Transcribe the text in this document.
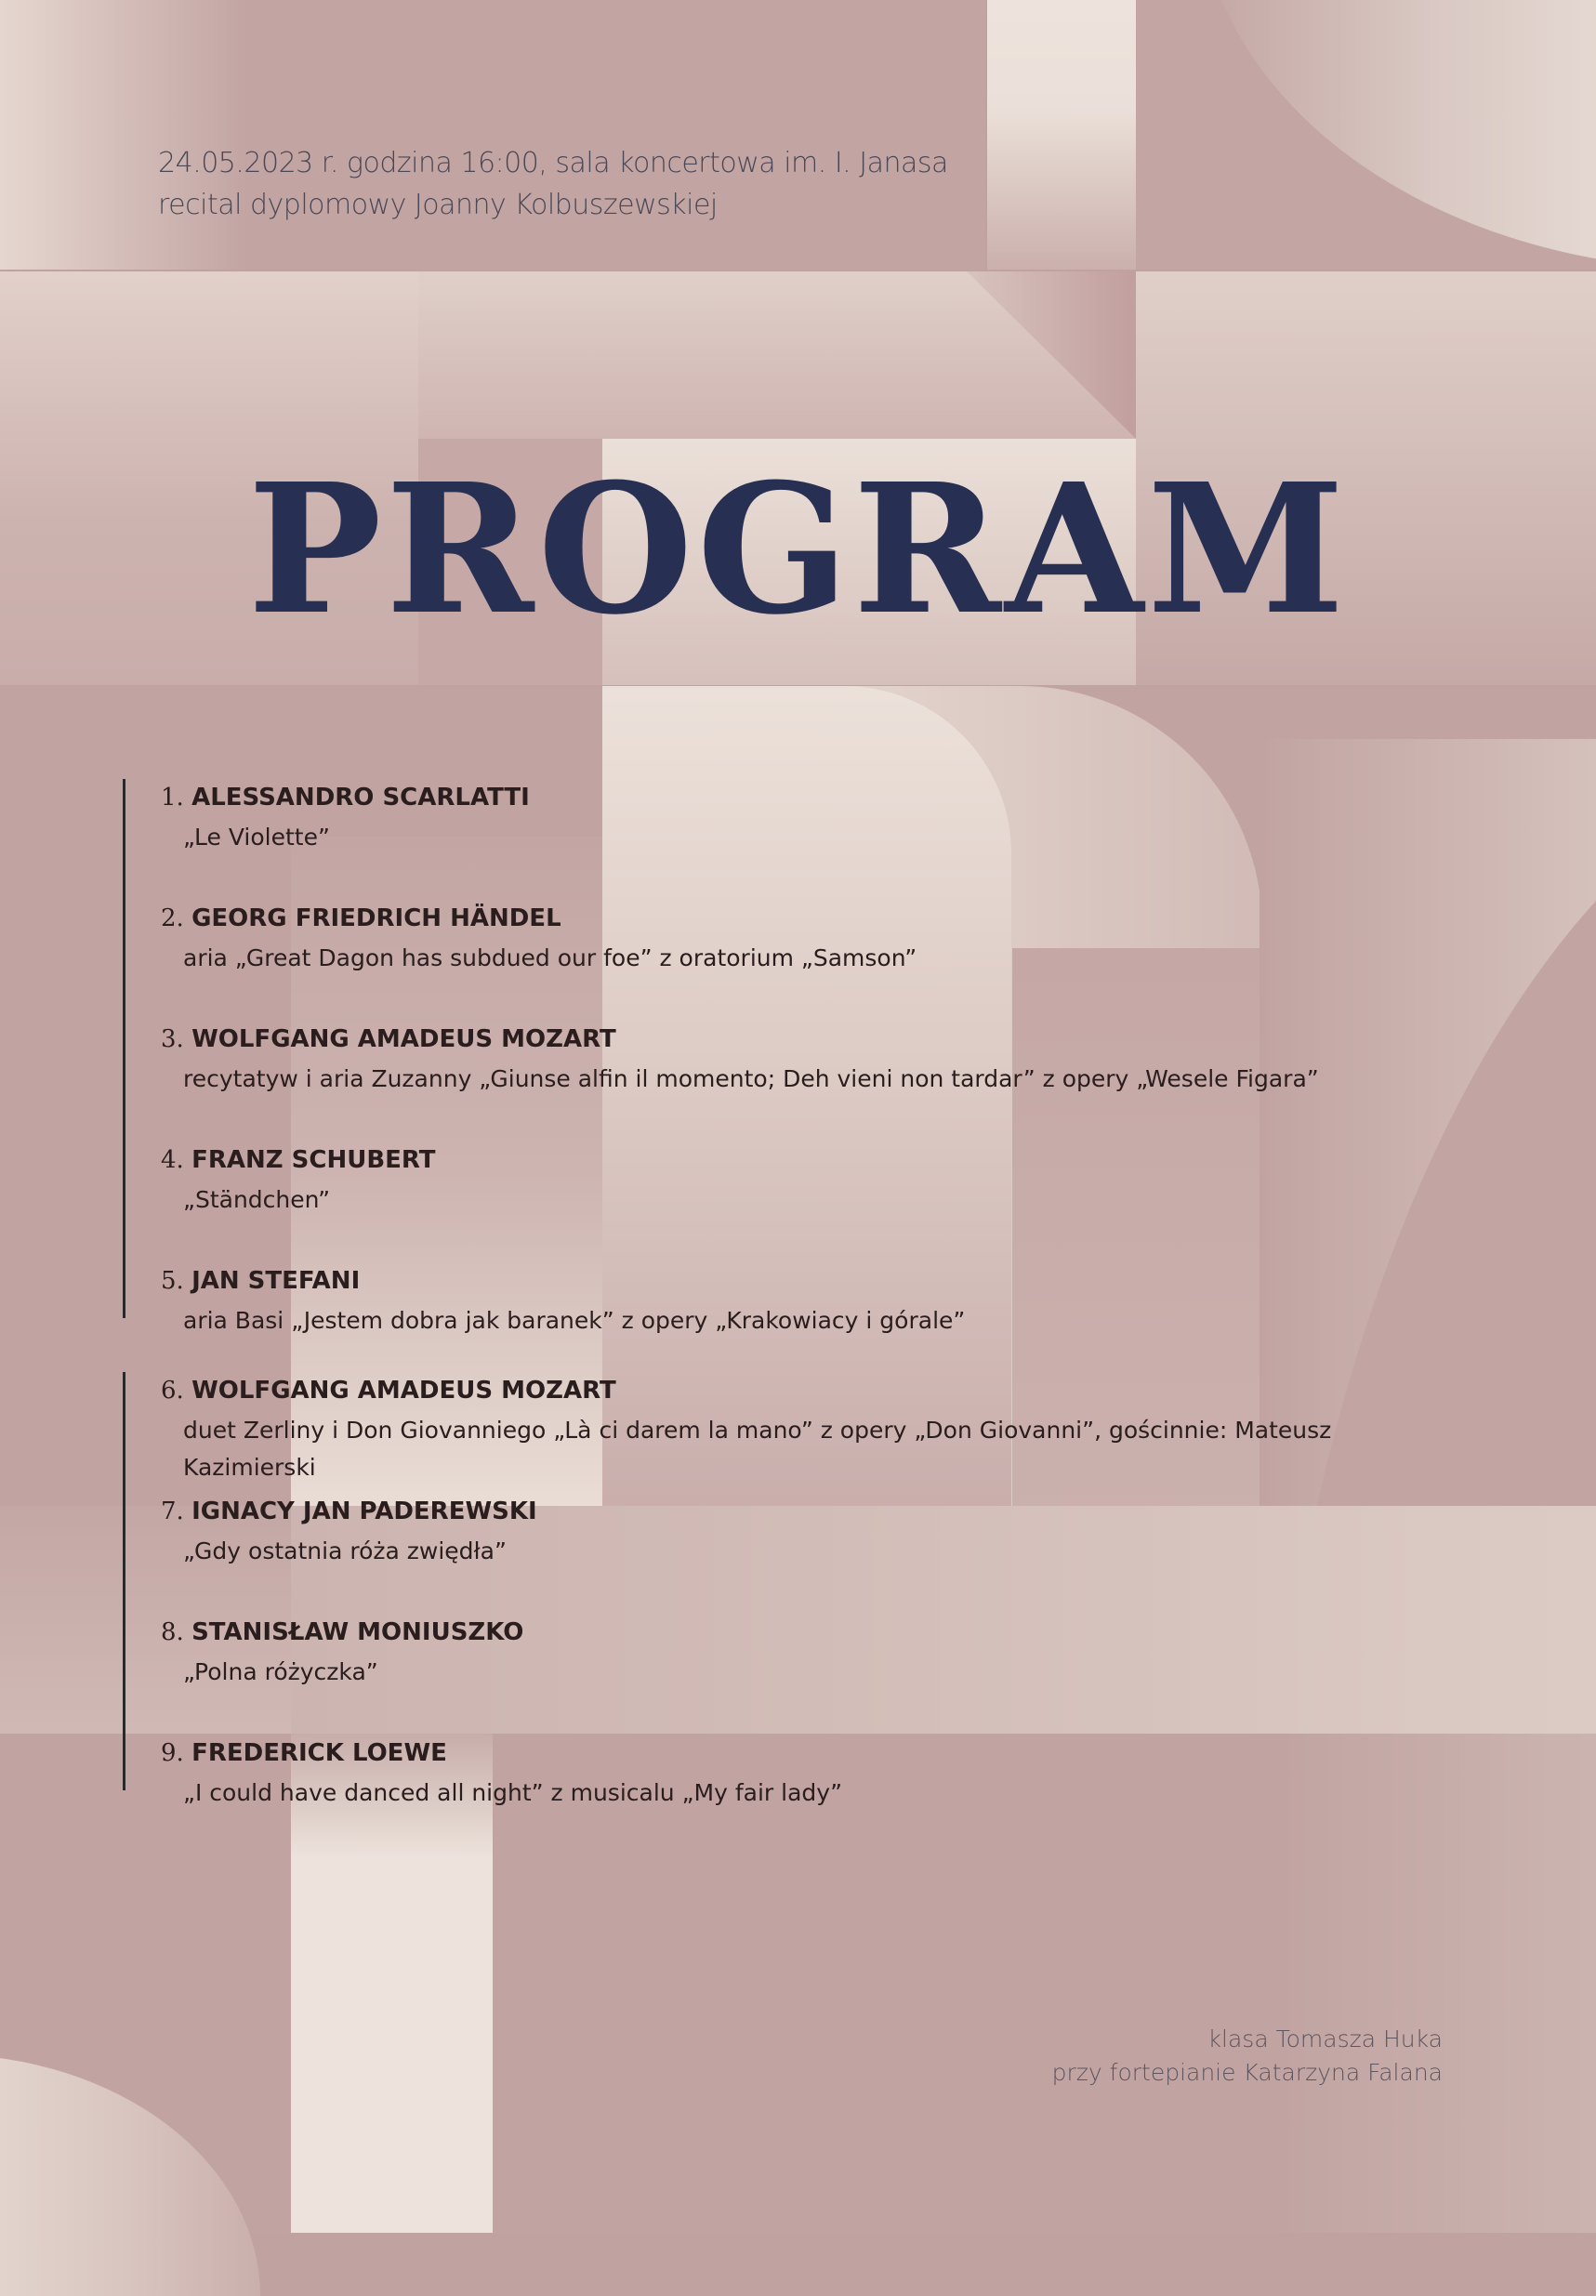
24.05.2023 r. godzina 16:00, sala koncertowa im. I. Janasa
recital dyplomowy Joanny Kolbuszewskiej
PROGRAM
1. ALESSANDRO SCARLATTI
„Le Violette”
2. GEORG FRIEDRICH HÄNDEL
aria „Great Dagon has subdued our foe” z oratorium „Samson”
3. WOLFGANG AMADEUS MOZART
recytatyw i aria Zuzanny „Giunse alfin il momento; Deh vieni non tardar” z opery „Wesele Figara”
4. FRANZ SCHUBERT
„Ständchen”
5. JAN STEFANI
aria Basi „Jestem dobra jak baranek” z opery „Krakowiacy i górale”
6. WOLFGANG AMADEUS MOZART
duet Zerliny i Don Giovanniego „Là ci darem la mano” z opery „Don Giovanni”, gościnnie: Mateusz Kazimierski
7. IGNACY JAN PADEREWSKI
„Gdy ostatnia róża zwiędła”
8. STANISŁAW MONIUSZKO
„Polna różyczka”
9. FREDERICK LOEWE
„I could have danced all night” z musicalu „My fair lady”
klasa Tomasza Huka
przy fortepianie Katarzyna Falana
